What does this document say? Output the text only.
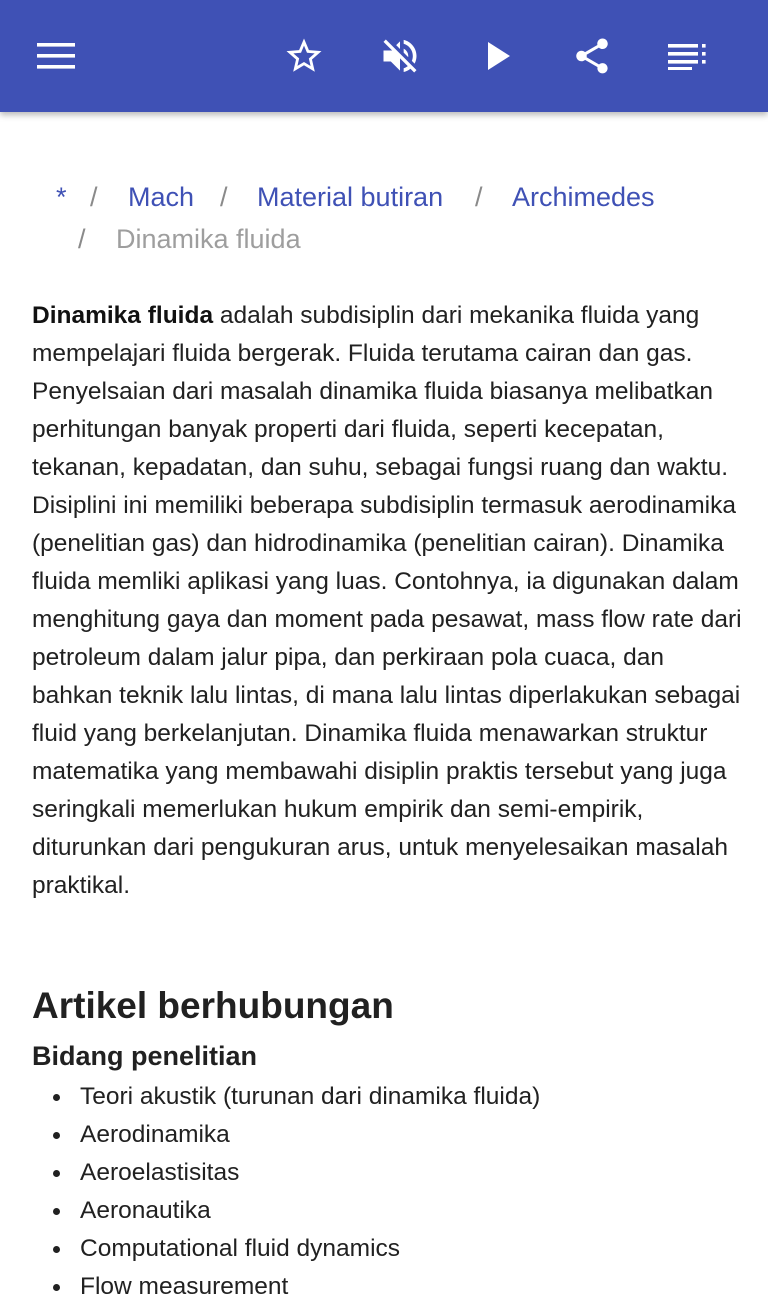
* / Mach / Material butiran / Archimedes
/ Dinamika fluida
Dinamika fluida adalah subdisiplin dari mekanika fluida yang mempelajari fluida bergerak. Fluida terutama cairan dan gas. Penyelsaian dari masalah dinamika fluida biasanya melibatkan perhitungan banyak properti dari fluida, seperti kecepatan, tekanan, kepadatan, dan suhu, sebagai fungsi ruang dan waktu. Disiplini ini memiliki beberapa subdisiplin termasuk aerodinamika (penelitian gas) dan hidrodinamika (penelitian cairan). Dinamika fluida memliki aplikasi yang luas. Contohnya, ia digunakan dalam menghitung gaya dan moment pada pesawat, mass flow rate dari petroleum dalam jalur pipa, dan perkiraan pola cuaca, dan bahkan teknik lalu lintas, di mana lalu lintas diperlakukan sebagai fluid yang berkelanjutan. Dinamika fluida menawarkan struktur matematika yang membawahi disiplin praktis tersebut yang juga seringkali memerlukan hukum empirik dan semi-empirik, diturunkan dari pengukuran arus, untuk menyelesaikan masalah praktikal.
Artikel berhubungan
Bidang penelitian
Teori akustik (turunan dari dinamika fluida)
Aerodinamika
Aeroelastisitas
Aeronautika
Computational fluid dynamics
Flow measurement
